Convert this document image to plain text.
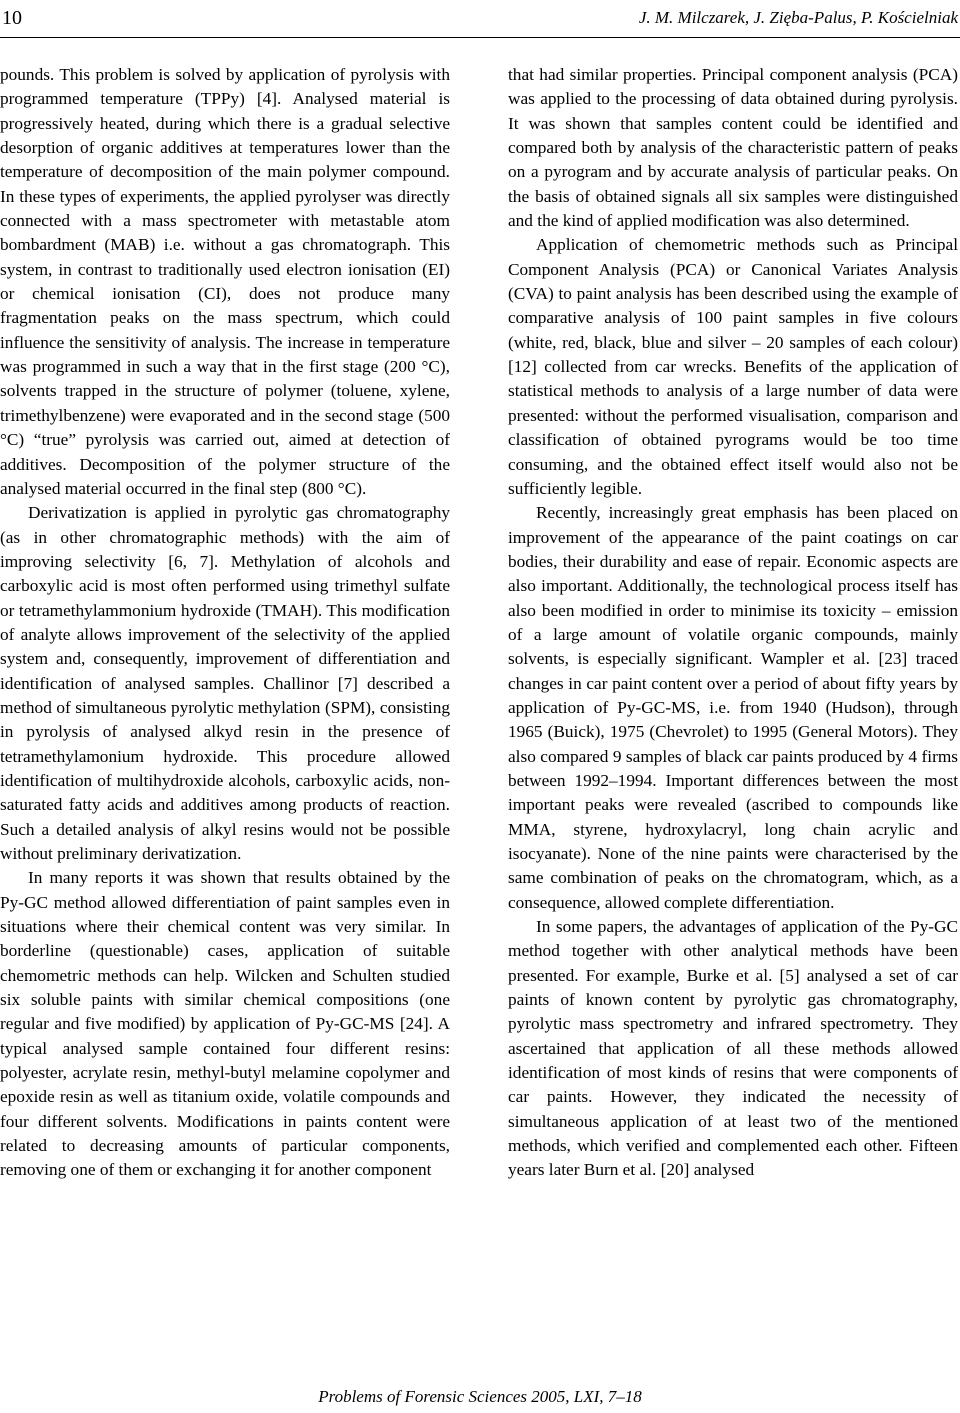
10	J. M. Milczarek, J. Zięba-Palus, P. Kościelniak

pounds. This problem is solved by application of pyrolysis with programmed temperature (TPPy) [4]. Analysed material is progressively heated, during which there is a gradual selective desorption of organic additives at temperatures lower than the temperature of decomposition of the main polymer compound. In these types of experiments, the applied pyrolyser was directly connected with a mass spectrometer with metastable atom bombardment (MAB) i.e. without a gas chromatograph. This system, in contrast to traditionally used electron ionisation (EI) or chemical ionisation (CI), does not produce many fragmentation peaks on the mass spectrum, which could influence the sensitivity of analysis. The increase in temperature was programmed in such a way that in the first stage (200 °C), solvents trapped in the structure of polymer (toluene, xylene, trimethylbenzene) were evaporated and in the second stage (500 °C) “true” pyrolysis was carried out, aimed at detection of additives. Decomposition of the polymer structure of the analysed material occurred in the final step (800 °C).

Derivatization is applied in pyrolytic gas chromatography (as in other chromatographic methods) with the aim of improving selectivity [6, 7]. Methylation of alcohols and carboxylic acid is most often performed using trimethyl sulfate or tetramethylammonium hydroxide (TMAH). This modification of analyte allows improvement of the selectivity of the applied system and, consequently, improvement of differentiation and identification of analysed samples. Challinor [7] described a method of simultaneous pyrolytic methylation (SPM), consisting in pyrolysis of analysed alkyd resin in the presence of tetramethylamonium hydroxide. This procedure allowed identification of multihydroxide alcohols, carboxylic acids, non-saturated fatty acids and additives among products of reaction. Such a detailed analysis of alkyl resins would not be possible without preliminary derivatization.

In many reports it was shown that results obtained by the Py-GC method allowed differentiation of paint samples even in situations where their chemical content was very similar. In borderline (questionable) cases, application of suitable chemometric methods can help. Wilcken and Schulten studied six soluble paints with similar chemical compositions (one regular and five modified) by application of Py-GC-MS [24]. A typical analysed sample contained four different resins: polyester, acrylate resin, methyl-butyl melamine copolymer and epoxide resin as well as titanium oxide, volatile compounds and four different solvents. Modifications in paints content were related to decreasing amounts of particular components, removing one of them or exchanging it for another component

that had similar properties. Principal component analysis (PCA) was applied to the processing of data obtained during pyrolysis. It was shown that samples content could be identified and compared both by analysis of the characteristic pattern of peaks on a pyrogram and by accurate analysis of particular peaks. On the basis of obtained signals all six samples were distinguished and the kind of applied modification was also determined.

Application of chemometric methods such as Principal Component Analysis (PCA) or Canonical Variates Analysis (CVA) to paint analysis has been described using the example of comparative analysis of 100 paint samples in five colours (white, red, black, blue and silver – 20 samples of each colour) [12] collected from car wrecks. Benefits of the application of statistical methods to analysis of a large number of data were presented: without the performed visualisation, comparison and classification of obtained pyrograms would be too time consuming, and the obtained effect itself would also not be sufficiently legible.

Recently, increasingly great emphasis has been placed on improvement of the appearance of the paint coatings on car bodies, their durability and ease of repair. Economic aspects are also important. Additionally, the technological process itself has also been modified in order to minimise its toxicity – emission of a large amount of volatile organic compounds, mainly solvents, is especially significant. Wampler et al. [23] traced changes in car paint content over a period of about fifty years by application of Py-GC-MS, i.e. from 1940 (Hudson), through 1965 (Buick), 1975 (Chevrolet) to 1995 (General Motors). They also compared 9 samples of black car paints produced by 4 firms between 1992–1994. Important differences between the most important peaks were revealed (ascribed to compounds like MMA, styrene, hydroxylacryl, long chain acrylic and isocyanate). None of the nine paints were characterised by the same combination of peaks on the chromatogram, which, as a consequence, allowed complete differentiation.

In some papers, the advantages of application of the Py-GC method together with other analytical methods have been presented. For example, Burke et al. [5] analysed a set of car paints of known content by pyrolytic gas chromatography, pyrolytic mass spectrometry and infrared spectrometry. They ascertained that application of all these methods allowed identification of most kinds of resins that were components of car paints. However, they indicated the necessity of simultaneous application of at least two of the mentioned methods, which verified and complemented each other. Fifteen years later Burn et al. [20] analysed

Problems of Forensic Sciences 2005, LXI, 7–18
